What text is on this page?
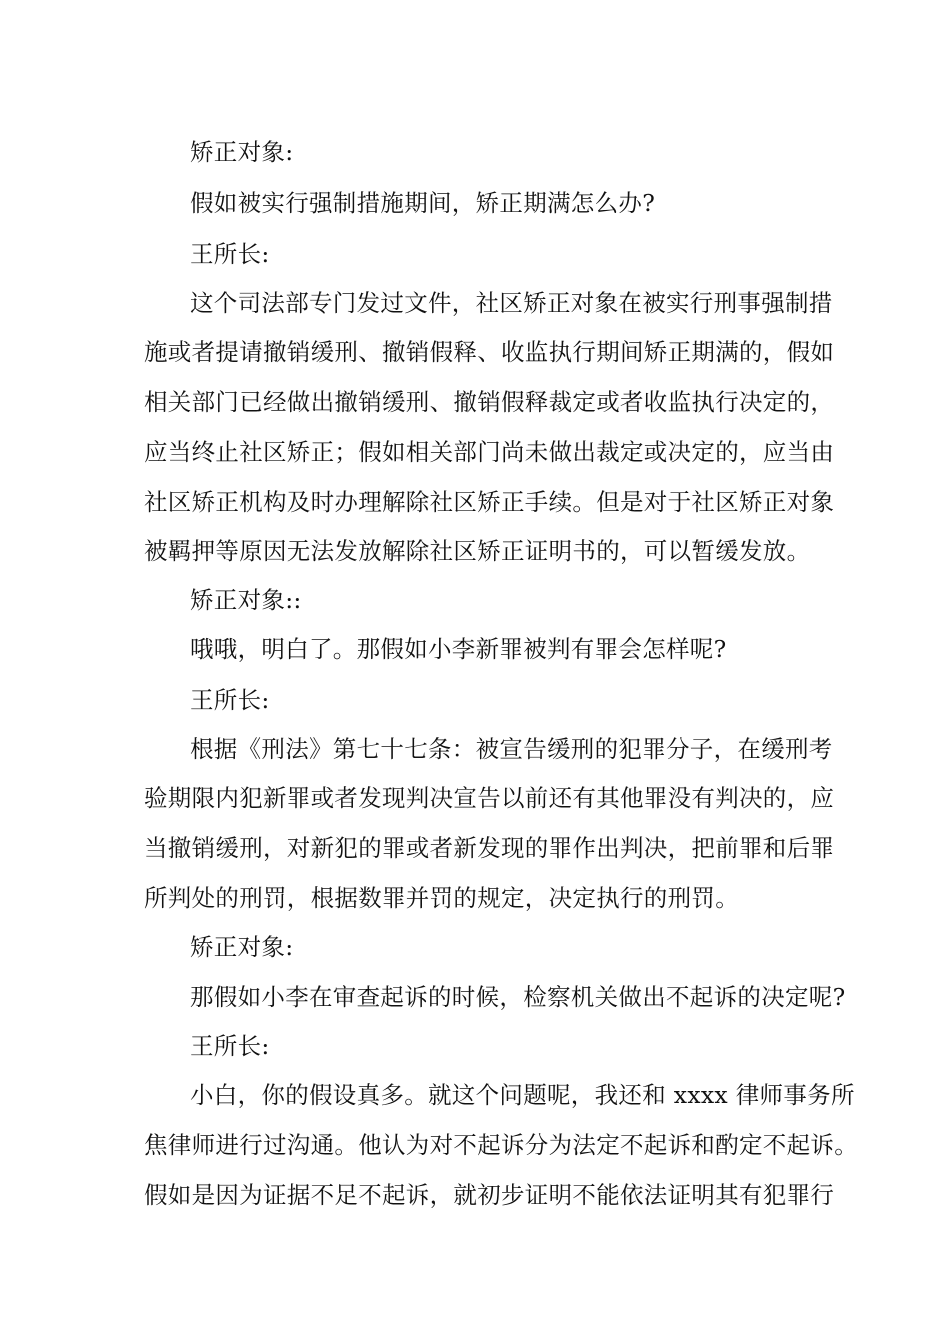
矫正对象:
假如被实行强制措施期间，矫正期满怎么办?
王所长:
这个司法部专门发过文件，社区矫正对象在被实行刑事强制措
施或者提请撤销缓刑、撤销假释、收监执行期间矫正期满的，假如
相关部门已经做出撤销缓刑、撤销假释裁定或者收监执行决定的，
应当终止社区矫正；假如相关部门尚未做出裁定或决定的，应当由
社区矫正机构及时办理解除社区矫正手续。但是对于社区矫正对象
被羁押等原因无法发放解除社区矫正证明书的，可以暂缓发放。
矫正对象::
哦哦，明白了。那假如小李新罪被判有罪会怎样呢?
王所长:
根据《刑法》第七十七条：被宣告缓刑的犯罪分子，在缓刑考
验期限内犯新罪或者发现判决宣告以前还有其他罪没有判决的，应
当撤销缓刑，对新犯的罪或者新发现的罪作出判决，把前罪和后罪
所判处的刑罚，根据数罪并罚的规定，决定执行的刑罚。
矫正对象:
那假如小李在审查起诉的时候，检察机关做出不起诉的决定呢?
王所长:
小白，你的假设真多。就这个问题呢，我还和 xxxx 律师事务所
焦律师进行过沟通。他认为对不起诉分为法定不起诉和酌定不起诉。
假如是因为证据不足不起诉，就初步证明不能依法证明其有犯罪行
